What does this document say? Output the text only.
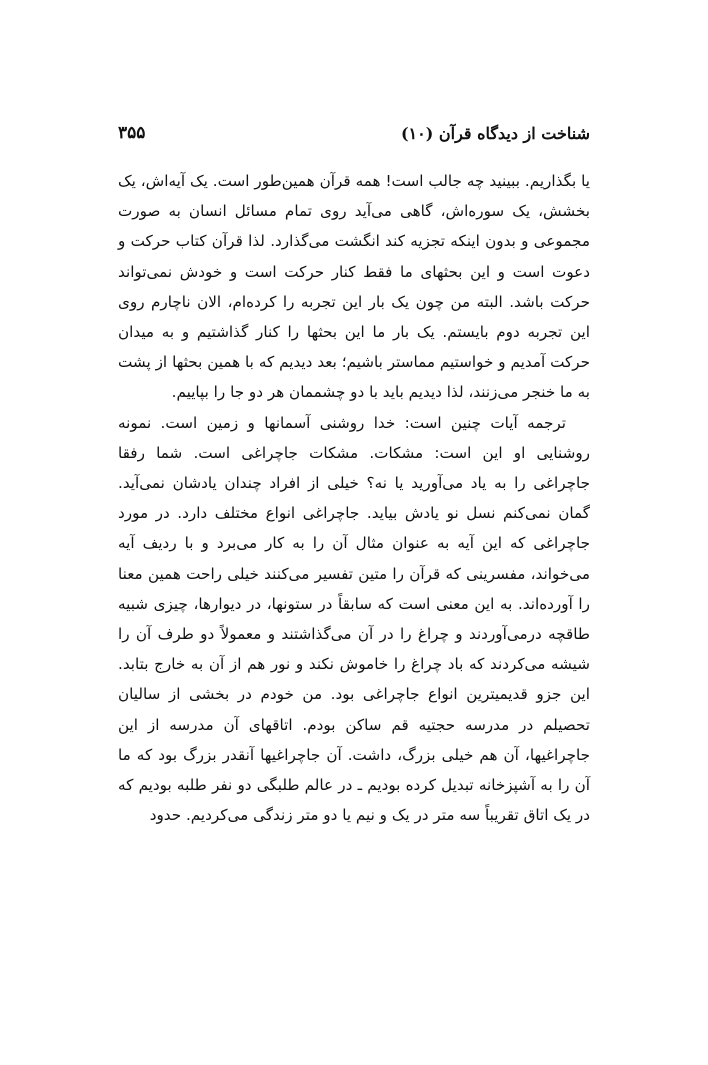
۳۵۵	شناخت از دیدگاه قرآن (۱۰)

یا بگذاریم. ببینید چه جالب است! همه قرآن همین‌طور است. یک آیه‌اش، یک بخشش، یک سوره‌اش، گاهی می‌آید روی تمام مسائل انسان به صورت مجموعی و بدون اینکه تجزیه کند انگشت می‌گذارد. لذا قرآن کتاب حرکت و دعوت است و این بحثهای ما فقط کنار حرکت است و خودش نمی‌تواند حرکت باشد. البته من چون یک بار این تجربه را کرده‌ام، الان ناچارم روی این تجربه دوم بایستم. یک بار ما این بحثها را کنار گذاشتیم و به میدان حرکت آمدیم و خواستیم مماستر باشیم؛ بعد دیدیم که با همین بحثها از پشت به ما خنجر می‌زنند، لذا دیدیم باید با دو چشممان هر دو جا را بپاییم.

ترجمه آیات چنین است: خدا روشنی آسمانها و زمین است. نمونه روشنایی او این است: مشکات. مشکات جاچراغی است. شما رفقا جاچراغی را به یاد می‌آورید یا نه؟ خیلی از افراد چندان یادشان نمی‌آید. گمان نمی‌کنم نسل نو یادش بیاید. جاچراغی انواع مختلف دارد. در مورد جاچراغی که این آیه به عنوان مثال آن را به کار می‌برد و با ردیف آیه می‌خواند، مفسرینی که قرآن را متین تفسیر می‌کنند خیلی راحت همین معنا را آورده‌اند. به این معنی است که سابقاً در ستونها، در دیوارها، چیزی شبیه طاقچه درمی‌آوردند و چراغ را در آن می‌گذاشتند و معمولاً دو طرف آن را شیشه می‌کردند که باد چراغ را خاموش نکند و نور هم از آن به خارج بتابد. این جزو قدیمیترین انواع جاچراغی بود. من خودم در بخشی از سالیان تحصیلم در مدرسه حجتیه قم ساکن بودم. اتاقهای آن مدرسه از این جاچراغیها، آن هم خیلی بزرگ، داشت. آن جاچراغیها آنقدر بزرگ بود که ما آن را به آشپزخانه تبدیل کرده بودیم ـ در عالم طلبگی دو نفر طلبه بودیم که در یک اتاق تقریباً سه متر در یک و نیم یا دو متر زندگی می‌کردیم. حدود
